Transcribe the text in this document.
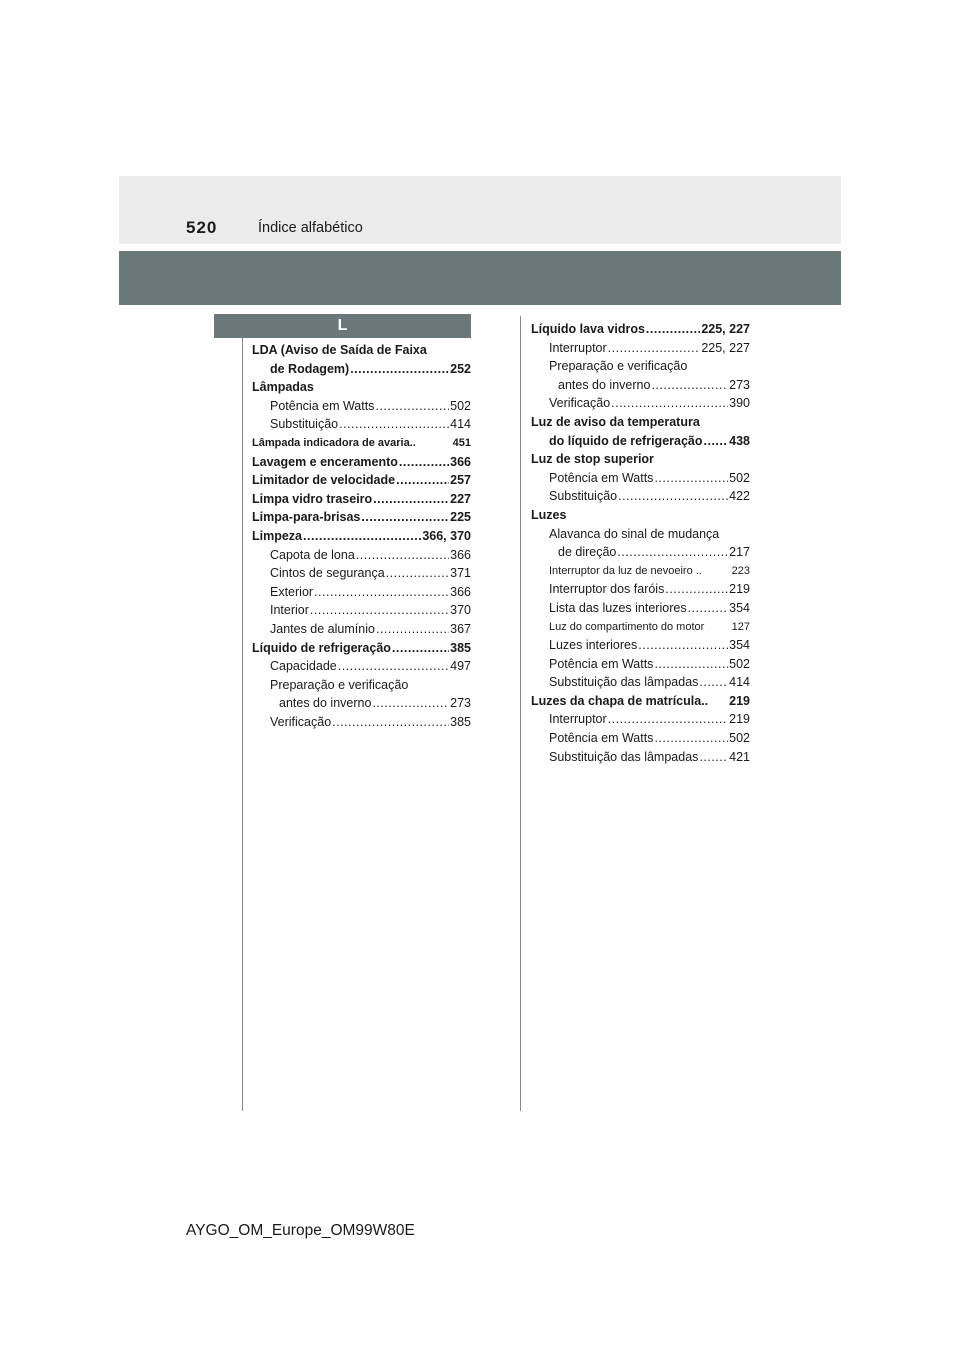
520	Índice alfabético
L
LDA (Aviso de Saída de Faixa
de Rodagem) .....	252
Lâmpadas
Potência em Watts .....	502
Substituição .....	414
Lâmpada indicadora de avaria..	451
Lavagem e enceramento .....	366
Limitador de velocidade .....	257
Limpa vidro traseiro .....	227
Limpa-para-brisas .....	225
Limpeza .....	366, 370
Capota de lona .....	366
Cintos de segurança .....	371
Exterior .....	366
Interior .....	370
Jantes de alumínio .....	367
Líquido de refrigeração .....	385
Capacidade .....	497
Preparação e verificação
antes do inverno .....	273
Verificação .....	385
Líquido lava vidros .....	225, 227
Interruptor .....	225, 227
Preparação e verificação
antes do inverno .....	273
Verificação .....	390
Luz de aviso da temperatura
do líquido de refrigeração ..... 438
Luz de stop superior
Potência em Watts .....	502
Substituição .....	422
Luzes
Alavanca do sinal de mudança
de direção .....	217
Interruptor da luz de nevoeiro ..	223
Interruptor dos faróis .....	219
Lista das luzes interiores .....	354
Luz do compartimento do motor 127
Luzes interiores .....	354
Potência em Watts .....	502
Substituição das lâmpadas ..... 414
Luzes da chapa de matrícula.. 219
Interruptor .....	219
Potência em Watts .....	502
Substituição das lâmpadas ..... 421
AYGO_OM_Europe_OM99W80E
